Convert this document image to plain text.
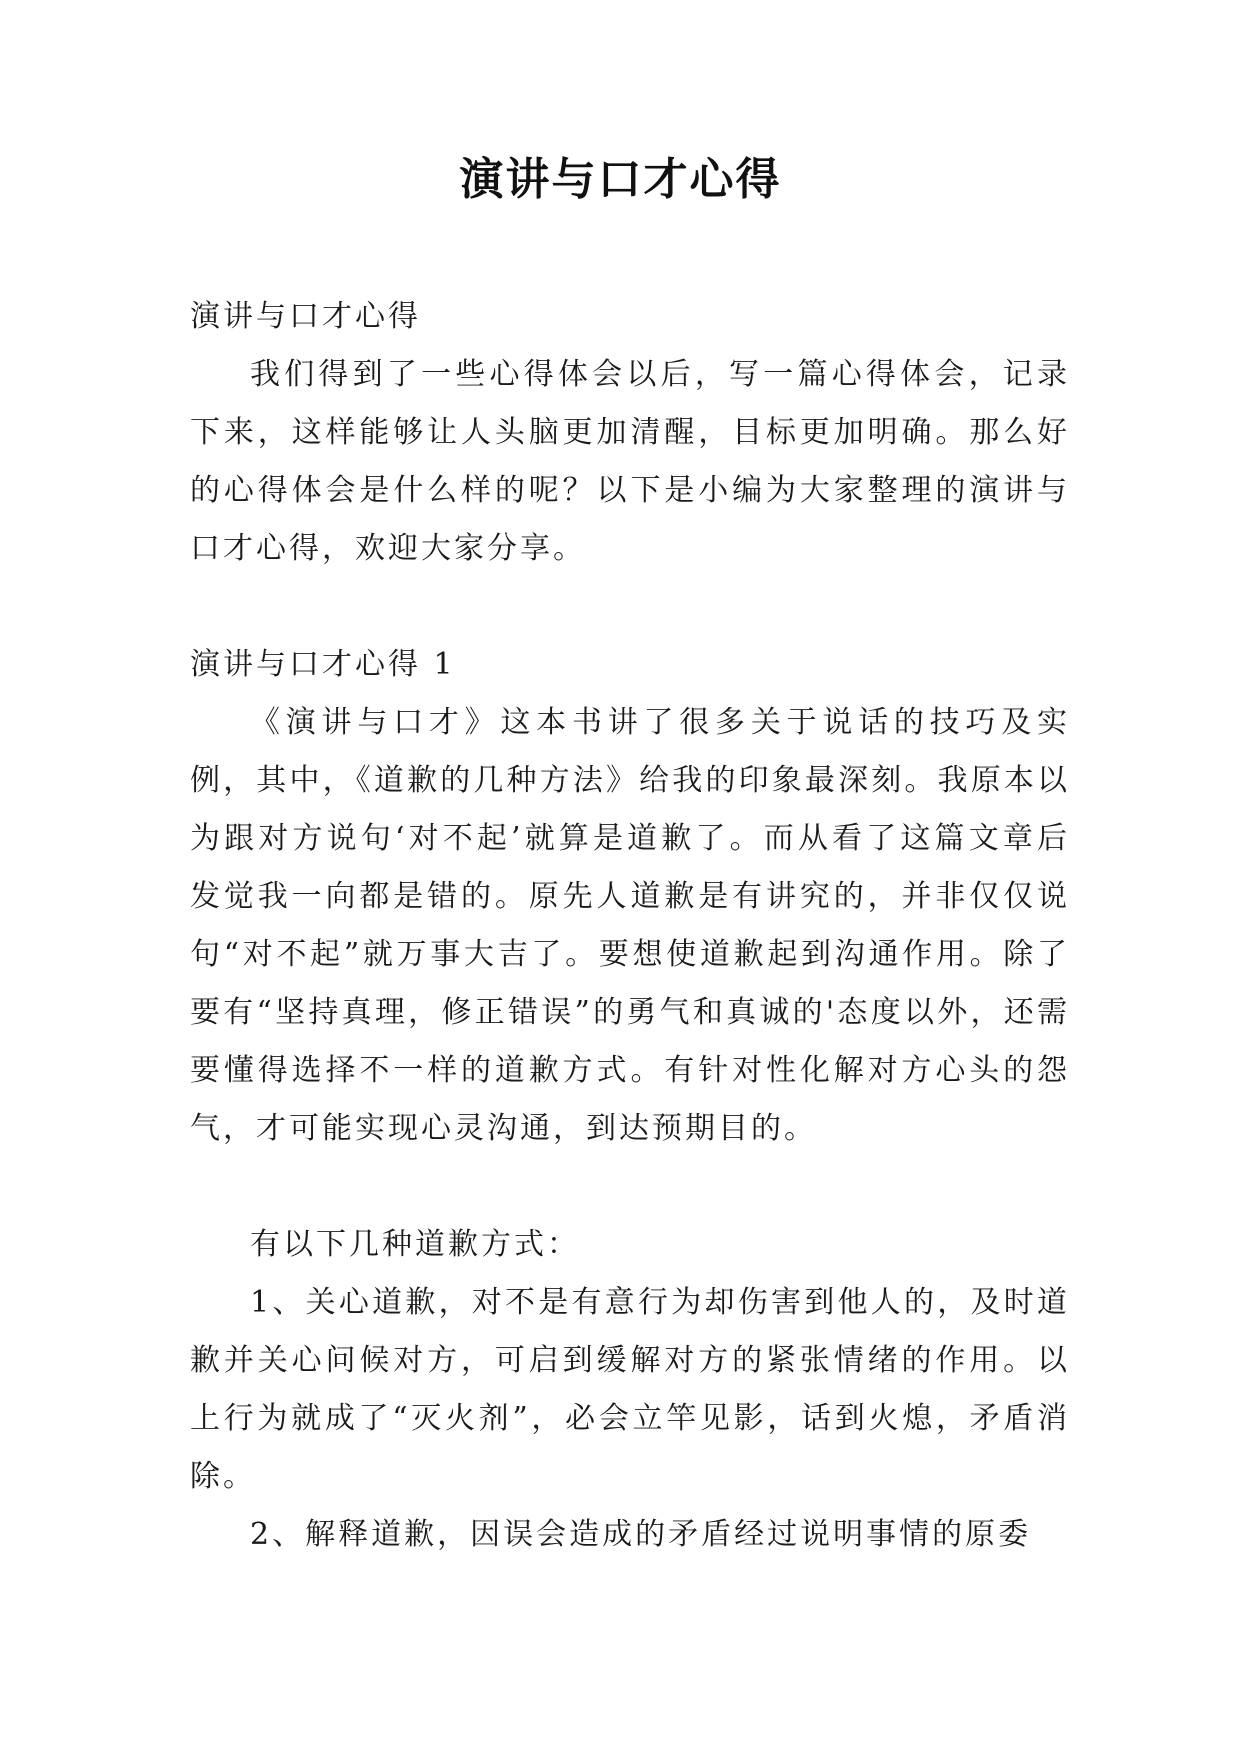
演讲与口才心得

演讲与口才心得

我们得到了一些心得体会以后，写一篇心得体会，记录下来，这样能够让人头脑更加清醒，目标更加明确。那么好的心得体会是什么样的呢？以下是小编为大家整理的演讲与口才心得，欢迎大家分享。

演讲与口才心得 1

《演讲与口才》这本书讲了很多关于说话的技巧及实例，其中，《道歉的几种方法》给我的印象最深刻。我原本以为跟对方说句‘对不起’就算是道歉了。而从看了这篇文章后发觉我一向都是错的。原先人道歉是有讲究的，并非仅仅说句“对不起”就万事大吉了。要想使道歉起到沟通作用。除了要有“坚持真理，修正错误”的勇气和真诚的'态度以外，还需要懂得选择不一样的道歉方式。有针对性化解对方心头的怨气，才可能实现心灵沟通，到达预期目的。

有以下几种道歉方式：

1、关心道歉，对不是有意行为却伤害到他人的，及时道歉并关心问候对方，可启到缓解对方的紧张情绪的作用。以上行为就成了“灭火剂”，必会立竿见影，话到火熄，矛盾消除。

2、解释道歉，因误会造成的矛盾经过说明事情的原委
